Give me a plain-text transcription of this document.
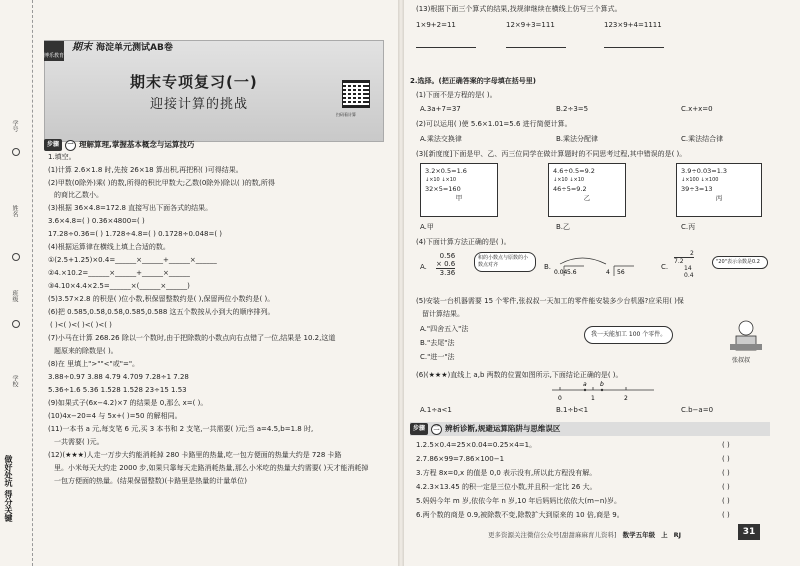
学号
姓名
班级
学校
做好处坑 得分关键
博乐教育
期末 海淀单元测试AB卷
期末专项复习(一)
迎接计算的挑战
扫码看计算
步骤	一 理解算理,掌握基本概念与运算技巧
1.填空。
(1)计算 2.6×1.8 时,先按 26×18 算出积,再把积( )可得结果。
(2)甲数(0除外)乘( )的数,所得的积比甲数大;乙数(0除外)除以( )的数,所得
的商比乙数小。
(3)根据 36×4.8=172.8 直接写出下面各式的结果。
3.6×4.8=( ) 0.36×4800=( )
17.28÷0.36=( ) 1.728÷4.8=( ) 0.1728÷0.048=( )
(4)根据运算律在横线上填上合适的数。
①(2.5+1.25)×0.4=______×______+______×______
②4.×10.2=______×______+______×______
③4.10×4.4×2.5=______×(______×______)
(5)3.57×2.8 的积是( )位小数,积保留整数约是( ),保留两位小数约是( )。
(6)把 0.585,0.58̇,0.5̇8̇,0.585̇,0.588 这五个数按从小到大的顺序排列。
( )<( )<( )<( )<( )
(7)小马在计算 268.26 除以一个数时,由于把除数的小数点向右点错了一位,结果是 10.2,这道
题原来的除数是( )。
(8)在 里填上">""<"或"="。
3.88÷0.97 3.88 4.79 4.7̇09 7.28÷1 7.28
5.36÷1.6 5.36 1.5̇28 1.52̇8 23÷15 1.53
(9)如果式子(6x−4.2)×7 的结果是 0,那么 x=( )。
(10)4x−20=4 与 5x+( )=50 的解相同。
(11)一本书 a 元,每支笔 6 元,买 3 本书和 2 支笔,一共需要( )元;当 a=4.5,b=1.8 时,
一共需要( )元。
(12)(★★★)人走一万步大约能消耗掉 280 卡路里的热量,吃一包方便面的热量大约是 728 卡路
里。小米每天大约走 2000 步,如果只靠每天走路消耗热量,那么小米吃的热量大约需要( )天才能消耗掉
一包方便面的热量。(结果保留整数)(卡路里是热量的计量单位)
(13)根据下面三个算式的结果,找规律继续在横线上仿写三个算式。
1×9+2=11	12×9+3=111	123×9+4=1111
2.选择。(把正确答案的字母填在括号里)
(1)下面不是方程的是( )。
A.3a+7=37	B.2÷3=5	C.x+x=0
(2)可以运用( )使 5.6×1.01=5.6 进行简便计算。
A.乘法交换律	B.乘法分配律	C.乘法结合律
(3)[新度度]下面是甲、乙、丙三位同学在做计算题时的不同思考过程,其中错误的是( )。
3.2×0.5=1.6
↓×10 ↓×10
32×5=160
甲
4.6÷0.5=9.2
↓×10 ↓×10
46÷5=9.2
乙
3.9÷0.03=1.3
↓×100 ↓×100
39÷3=13
丙
A.甲	B.乙	C.丙
(4)下面计算方法正确的是( )。
A.
0.56
× 0.6
3.36
积的小数点与原数的小数点对齐	B.
0.04 5.6	4 56
C.
2
7.2
14
0.4
"20"表示余数是0.2
(5)安装一台机器需要 15 个零件,张叔叔一天加工的零件能安装多少台机器?应采用( )保
留计算结果。
A."四舍五入"法
B."去尾"法
C."进一"法
我一天能加工 100 个零件。
张叔叔
(6)(★★★)直线上 a,b 两数的位置如图所示,下面结论正确的是( )。
0	1	2
a b
A.1÷a<1	B.1÷b<1	C.b−a=0
步骤	二 辨析诊断,规避运算陷阱与思维误区
1.2.5×0.4=25×0.04=0.25×4=1。	( )
2.7.86×99=7.86×100−1	( )
3.方程 8x=0,x 的值是 0,0 表示没有,所以此方程没有解。	( )
4.2.3×13.45 的积一定是三位小数,并且积一定比 26 大。	( )
5.妈妈今年 m 岁,依依今年 n 岁,10 年后妈妈比依依大(m−n)岁。	( )
6.两个数的商是 0.9,被除数不变,除数扩大到原来的 10 倍,商是 9。	( )
更多资源关注微信公众号[甜甜麻麻育儿资料] 数学五年级 上 RJ	31
